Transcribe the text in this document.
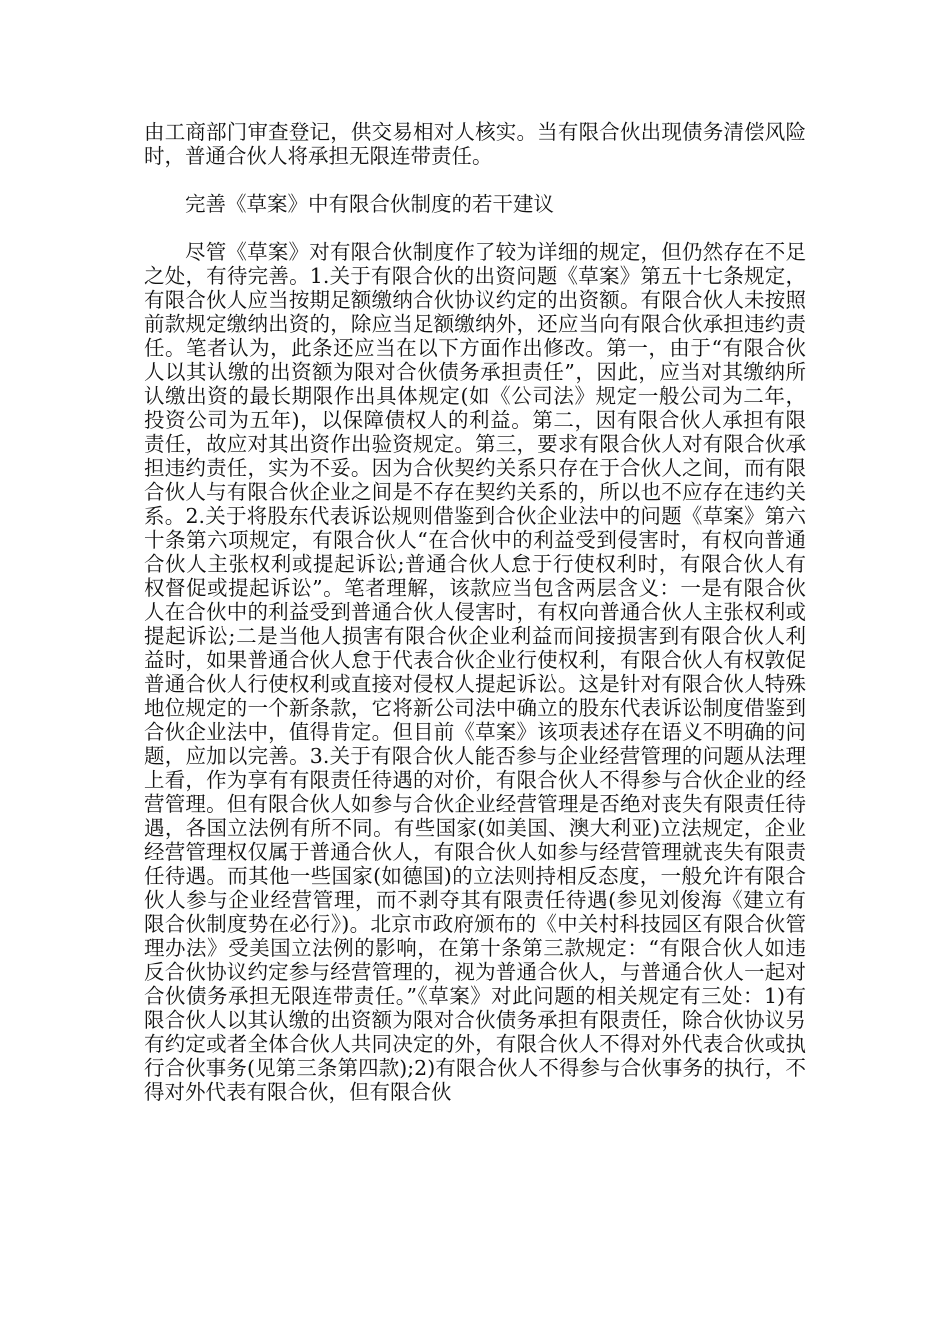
由工商部门审查登记，供交易相对人核实。当有限合伙出现债务清偿风险时，普通合伙人将承担无限连带责任。

完善《草案》中有限合伙制度的若干建议

尽管《草案》对有限合伙制度作了较为详细的规定，但仍然存在不足之处，有待完善。1.关于有限合伙的出资问题《草案》第五十七条规定，有限合伙人应当按期足额缴纳合伙协议约定的出资额。有限合伙人未按照前款规定缴纳出资的，除应当足额缴纳外，还应当向有限合伙承担违约责任。笔者认为，此条还应当在以下方面作出修改。第一，由于“有限合伙人以其认缴的出资额为限对合伙债务承担责任”，因此，应当对其缴纳所认缴出资的最长期限作出具体规定(如《公司法》规定一般公司为二年，投资公司为五年)，以保障债权人的利益。第二，因有限合伙人承担有限责任，故应对其出资作出验资规定。第三，要求有限合伙人对有限合伙承担违约责任，实为不妥。因为合伙契约关系只存在于合伙人之间，而有限合伙人与有限合伙企业之间是不存在契约关系的，所以也不应存在违约关系。2.关于将股东代表诉讼规则借鉴到合伙企业法中的问题《草案》第六十条第六项规定，有限合伙人“在合伙中的利益受到侵害时，有权向普通合伙人主张权利或提起诉讼;普通合伙人怠于行使权利时，有限合伙人有权督促或提起诉讼”。笔者理解，该款应当包含两层含义：一是有限合伙人在合伙中的利益受到普通合伙人侵害时，有权向普通合伙人主张权利或提起诉讼;二是当他人损害有限合伙企业利益而间接损害到有限合伙人利益时，如果普通合伙人怠于代表合伙企业行使权利，有限合伙人有权敦促普通合伙人行使权利或直接对侵权人提起诉讼。这是针对有限合伙人特殊地位规定的一个新条款，它将新公司法中确立的股东代表诉讼制度借鉴到合伙企业法中，值得肯定。但目前《草案》该项表述存在语义不明确的问题，应加以完善。3.关于有限合伙人能否参与企业经营管理的问题从法理上看，作为享有有限责任待遇的对价，有限合伙人不得参与合伙企业的经营管理。但有限合伙人如参与合伙企业经营管理是否绝对丧失有限责任待遇，各国立法例有所不同。有些国家(如美国、澳大利亚)立法规定，企业经营管理权仅属于普通合伙人，有限合伙人如参与经营管理就丧失有限责任待遇。而其他一些国家(如德国)的立法则持相反态度，一般允许有限合伙人参与企业经营管理，而不剥夺其有限责任待遇(参见刘俊海《建立有限合伙制度势在必行》)。北京市政府颁布的《中关村科技园区有限合伙管理办法》受美国立法例的影响，在第十条第三款规定：“有限合伙人如违反合伙协议约定参与经营管理的，视为普通合伙人，与普通合伙人一起对合伙债务承担无限连带责任。”《草案》对此问题的相关规定有三处：1)有限合伙人以其认缴的出资额为限对合伙债务承担有限责任，除合伙协议另有约定或者全体合伙人共同决定的外，有限合伙人不得对外代表合伙或执行合伙事务(见第三条第四款);2)有限合伙人不得参与合伙事务的执行，不得对外代表有限合伙，但有限合伙
